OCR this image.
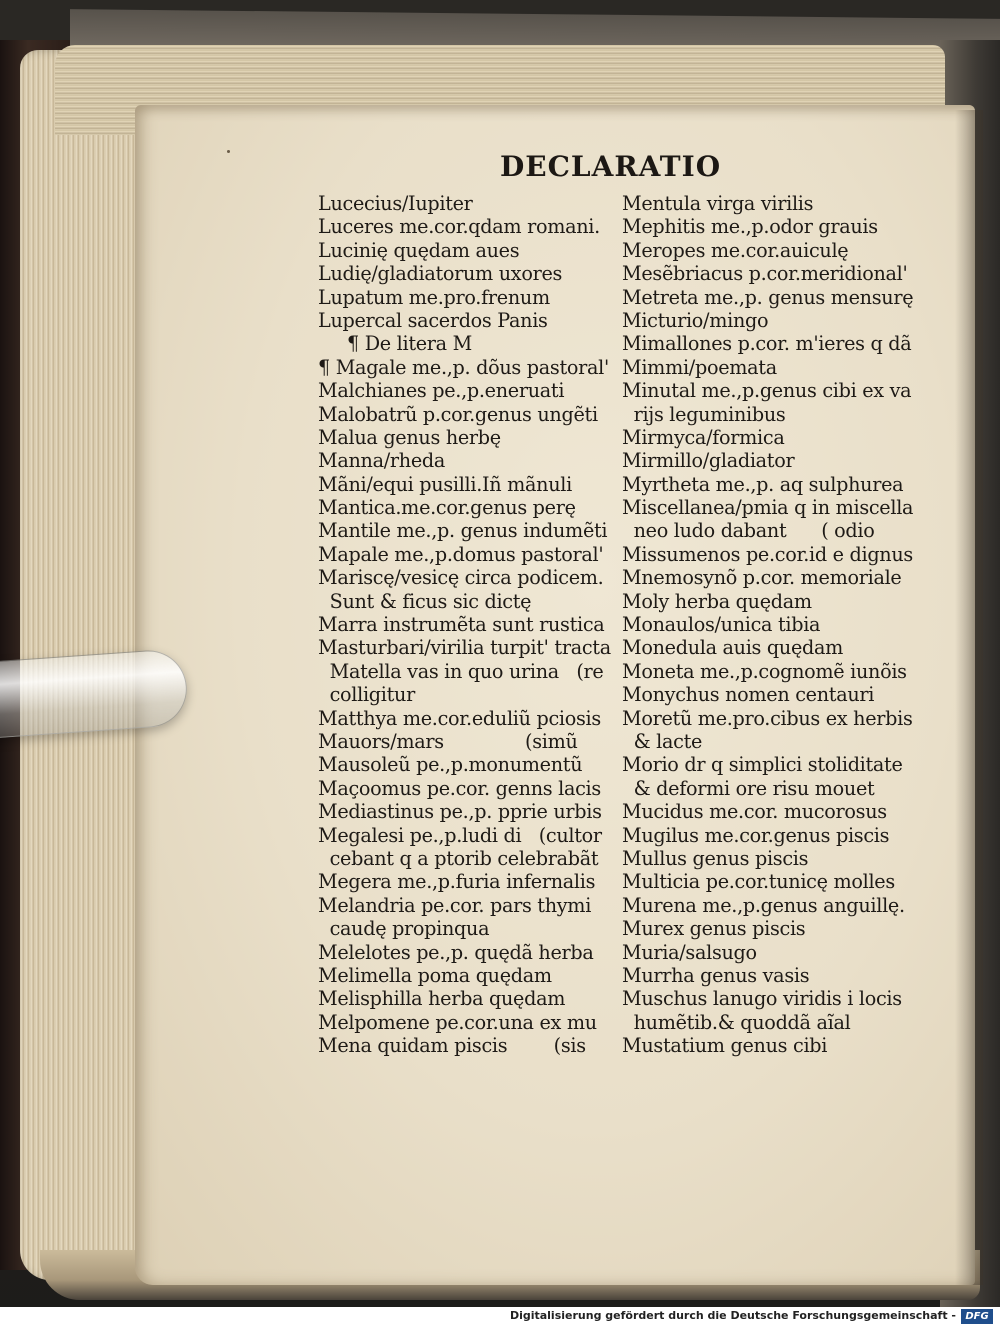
DECLARATIO
Lucecius/Iupiter
Luceres me.cor.qdam romani.
Lucinię quędam aues
Ludię/gladiatorum uxores
Lupatum me.pro.frenum
Lupercal sacerdos Panis
¶ De litera M
¶ Magale me.,p. dõus pastoral'
Malchianes pe.,p.eneruati
Malobatrũ p.cor.genus ungẽti
Malua genus herbę
Manna/rheda
Mãni/equi pusilli.Iñ mãnuli
Mantica.me.cor.genus perę
Mantile me.,p. genus indumẽti
Mapale me.,p.domus pastoral'
Mariscę/vesicę circa podicem.
Sunt & ficus sic dictę
Marra instrumẽta sunt rustica
Masturbari/virilia turpit' tracta
Matella vas in quo urina   (re
colligitur
Matthya me.cor.eduliũ pciosis
Mauors/mars              (simũ
Mausoleũ pe.,p.monumentũ
Maçoomus pe.cor. genns lacis
Mediastinus pe.,p. pprie urbis
Megalesi pe.,p.ludi di   (cultor
cebant q a ptorib celebrabãt
Megera me.,p.furia infernalis
Melandria pe.cor. pars thymi
caudę propinqua
Melelotes pe.,p. quędã herba
Melimella poma quędam
Melisphilla herba quędam
Melpomene pe.cor.una ex mu
Mena quidam piscis        (sis
Mentula virga virilis
Mephitis me.,p.odor grauis
Meropes me.cor.auiculę
Mesẽbriacus p.cor.meridional'
Metreta me.,p. genus mensurę
Micturio/mingo
Mimallones p.cor. m'ieres q dã
Mimmi/poemata
Minutal me.,p.genus cibi ex va
rijs leguminibus
Mirmyca/formica
Mirmillo/gladiator
Myrtheta me.,p. aq sulphurea
Miscellanea/pmia q in miscella
neo ludo dabant      ( odio
Missumenos pe.cor.id e dignus
Mnemosynõ p.cor. memoriale
Moly herba quędam
Monaulos/unica tibia
Monedula auis quędam
Moneta me.,p.cognomẽ iunõis
Monychus nomen centauri
Moretũ me.pro.cibus ex herbis
& lacte
Morio dr q simplici stoliditate
& deformi ore risu mouet
Mucidus me.cor. mucorosus
Mugilus me.cor.genus piscis
Mullus genus piscis
Multicia pe.cor.tunicę molles
Murena me.,p.genus anguillę.
Murex genus piscis
Muria/salsugo
Murrha genus vasis
Muschus lanugo viridis i locis
humẽtib.& quoddã aĩal
Mustatium genus cibi
Digitalisierung gefördert durch die Deutsche Forschungsgemeinschaft - DFG
